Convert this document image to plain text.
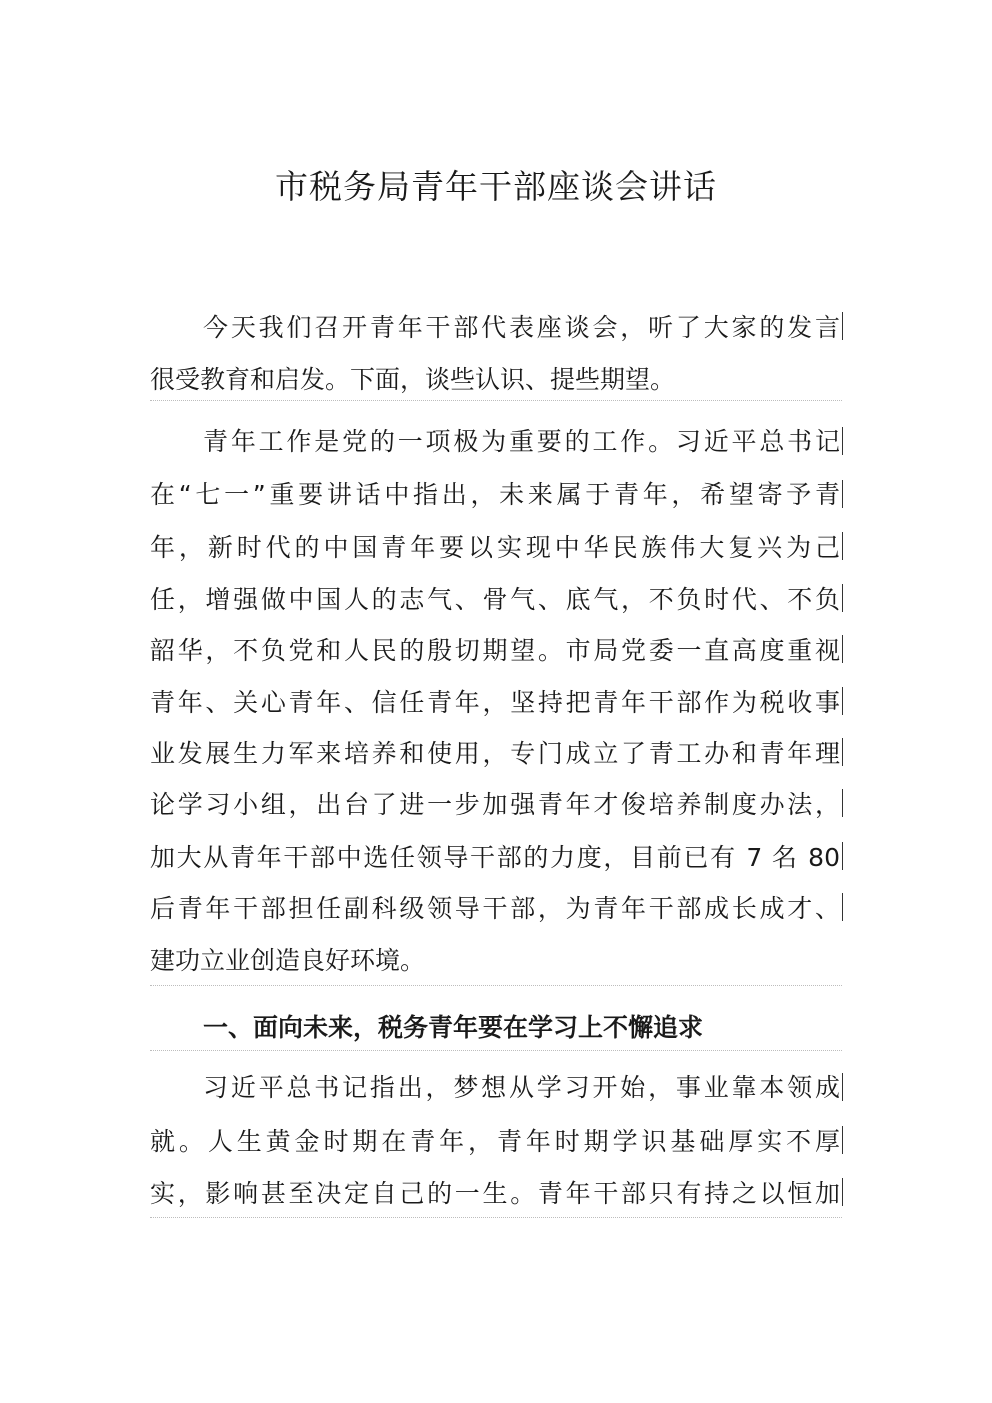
市税务局青年干部座谈会讲话
今天我们召开青年干部代表座谈会，听了大家的发言
很受教育和启发。下面，谈些认识、提些期望。
青年工作是党的一项极为重要的工作。习近平总书记
在“七一”重要讲话中指出，未来属于青年，希望寄予青
年，新时代的中国青年要以实现中华民族伟大复兴为己
任，增强做中国人的志气、骨气、底气，不负时代、不负
韶华，不负党和人民的殷切期望。市局党委一直高度重视
青年、关心青年、信任青年，坚持把青年干部作为税收事
业发展生力军来培养和使用，专门成立了青工办和青年理
论学习小组，出台了进一步加强青年才俊培养制度办法，
加大从青年干部中选任领导干部的力度，目前已有 7 名 80
后青年干部担任副科级领导干部，为青年干部成长成才、
建功立业创造良好环境。
一、面向未来，税务青年要在学习上不懈追求
习近平总书记指出，梦想从学习开始，事业靠本领成
就。人生黄金时期在青年，青年时期学识基础厚实不厚
实，影响甚至决定自己的一生。青年干部只有持之以恒加
